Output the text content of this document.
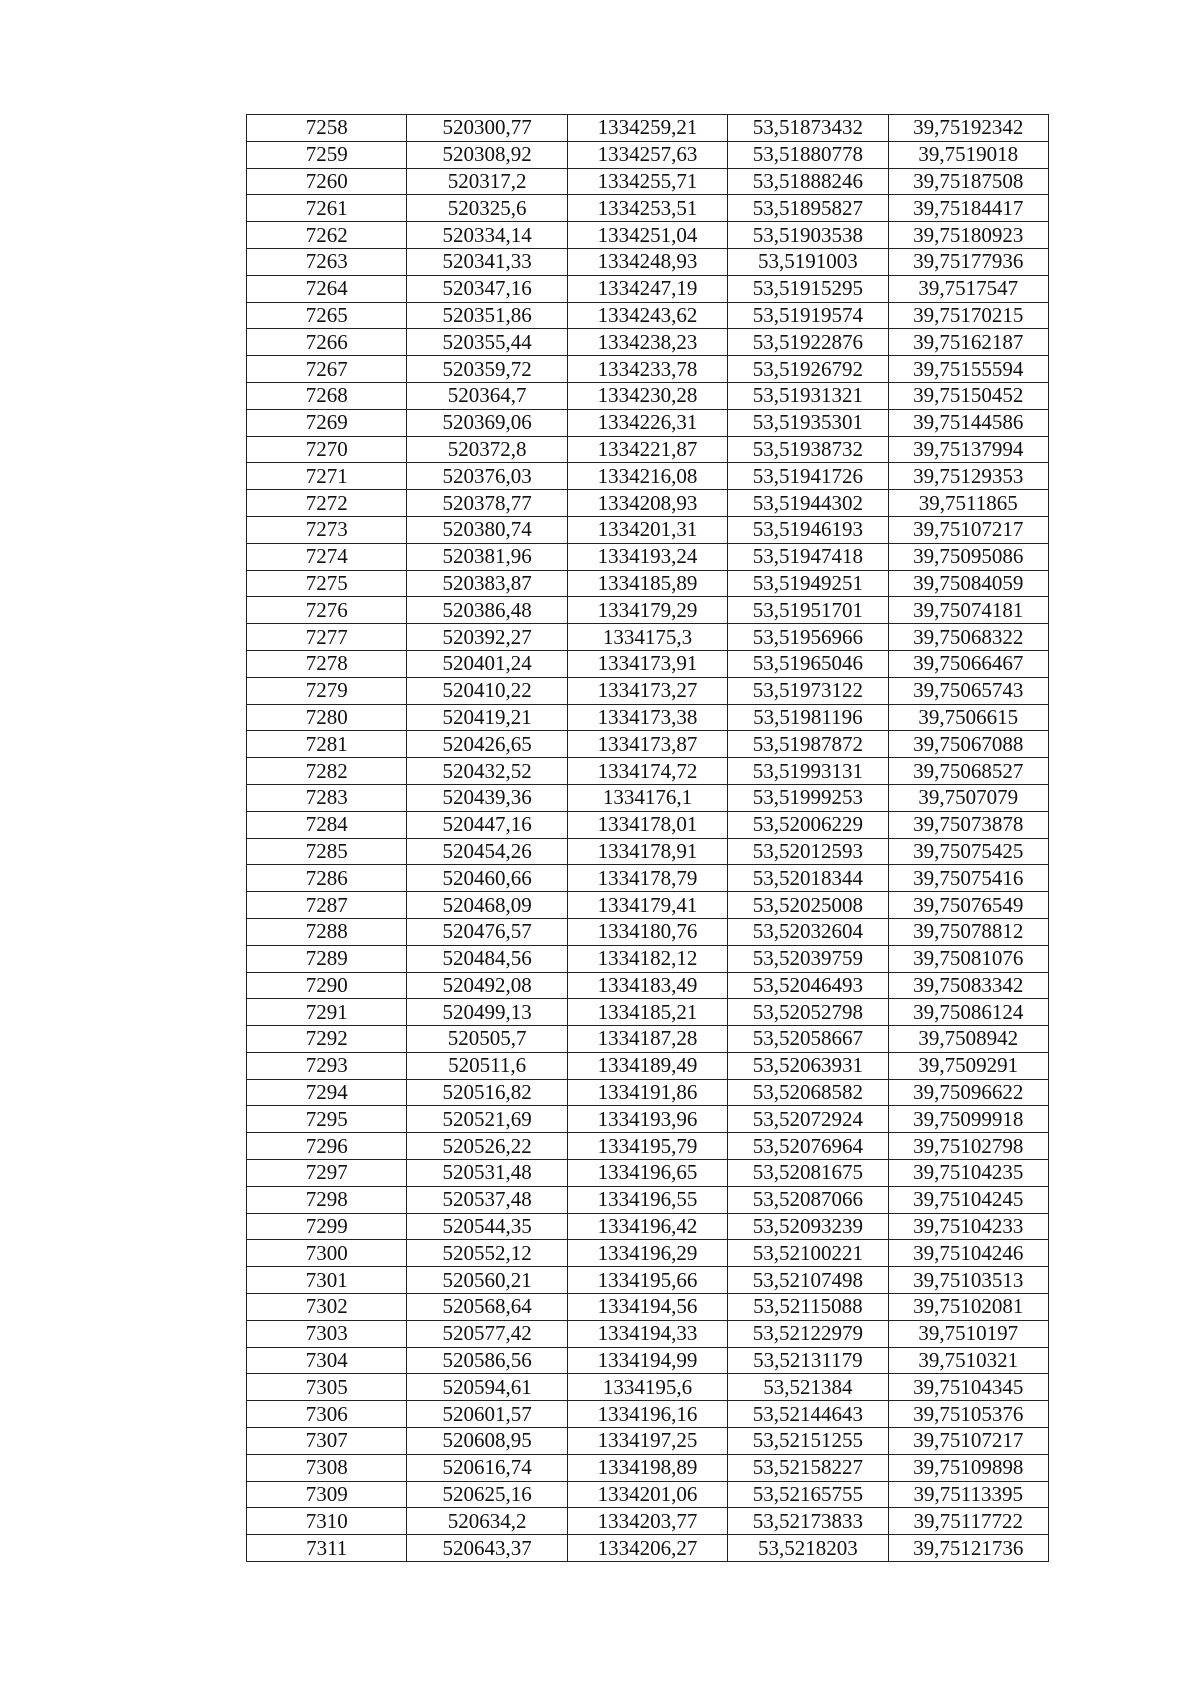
7258	520300,77	1334259,21	53,51873432	39,75192342
7259	520308,92	1334257,63	53,51880778	39,7519018
7260	520317,2	1334255,71	53,51888246	39,75187508
7261	520325,6	1334253,51	53,51895827	39,75184417
7262	520334,14	1334251,04	53,51903538	39,75180923
7263	520341,33	1334248,93	53,5191003	39,75177936
7264	520347,16	1334247,19	53,51915295	39,7517547
7265	520351,86	1334243,62	53,51919574	39,75170215
7266	520355,44	1334238,23	53,51922876	39,75162187
7267	520359,72	1334233,78	53,51926792	39,75155594
7268	520364,7	1334230,28	53,51931321	39,75150452
7269	520369,06	1334226,31	53,51935301	39,75144586
7270	520372,8	1334221,87	53,51938732	39,75137994
7271	520376,03	1334216,08	53,51941726	39,75129353
7272	520378,77	1334208,93	53,51944302	39,7511865
7273	520380,74	1334201,31	53,51946193	39,75107217
7274	520381,96	1334193,24	53,51947418	39,75095086
7275	520383,87	1334185,89	53,51949251	39,75084059
7276	520386,48	1334179,29	53,51951701	39,75074181
7277	520392,27	1334175,3	53,51956966	39,75068322
7278	520401,24	1334173,91	53,51965046	39,75066467
7279	520410,22	1334173,27	53,51973122	39,75065743
7280	520419,21	1334173,38	53,51981196	39,7506615
7281	520426,65	1334173,87	53,51987872	39,75067088
7282	520432,52	1334174,72	53,51993131	39,75068527
7283	520439,36	1334176,1	53,51999253	39,7507079
7284	520447,16	1334178,01	53,52006229	39,75073878
7285	520454,26	1334178,91	53,52012593	39,75075425
7286	520460,66	1334178,79	53,52018344	39,75075416
7287	520468,09	1334179,41	53,52025008	39,75076549
7288	520476,57	1334180,76	53,52032604	39,75078812
7289	520484,56	1334182,12	53,52039759	39,75081076
7290	520492,08	1334183,49	53,52046493	39,75083342
7291	520499,13	1334185,21	53,52052798	39,75086124
7292	520505,7	1334187,28	53,52058667	39,7508942
7293	520511,6	1334189,49	53,52063931	39,7509291
7294	520516,82	1334191,86	53,52068582	39,75096622
7295	520521,69	1334193,96	53,52072924	39,75099918
7296	520526,22	1334195,79	53,52076964	39,75102798
7297	520531,48	1334196,65	53,52081675	39,75104235
7298	520537,48	1334196,55	53,52087066	39,75104245
7299	520544,35	1334196,42	53,52093239	39,75104233
7300	520552,12	1334196,29	53,52100221	39,75104246
7301	520560,21	1334195,66	53,52107498	39,75103513
7302	520568,64	1334194,56	53,52115088	39,75102081
7303	520577,42	1334194,33	53,52122979	39,7510197
7304	520586,56	1334194,99	53,52131179	39,7510321
7305	520594,61	1334195,6	53,521384	39,75104345
7306	520601,57	1334196,16	53,52144643	39,75105376
7307	520608,95	1334197,25	53,52151255	39,75107217
7308	520616,74	1334198,89	53,52158227	39,75109898
7309	520625,16	1334201,06	53,52165755	39,75113395
7310	520634,2	1334203,77	53,52173833	39,75117722
7311	520643,37	1334206,27	53,5218203	39,75121736
